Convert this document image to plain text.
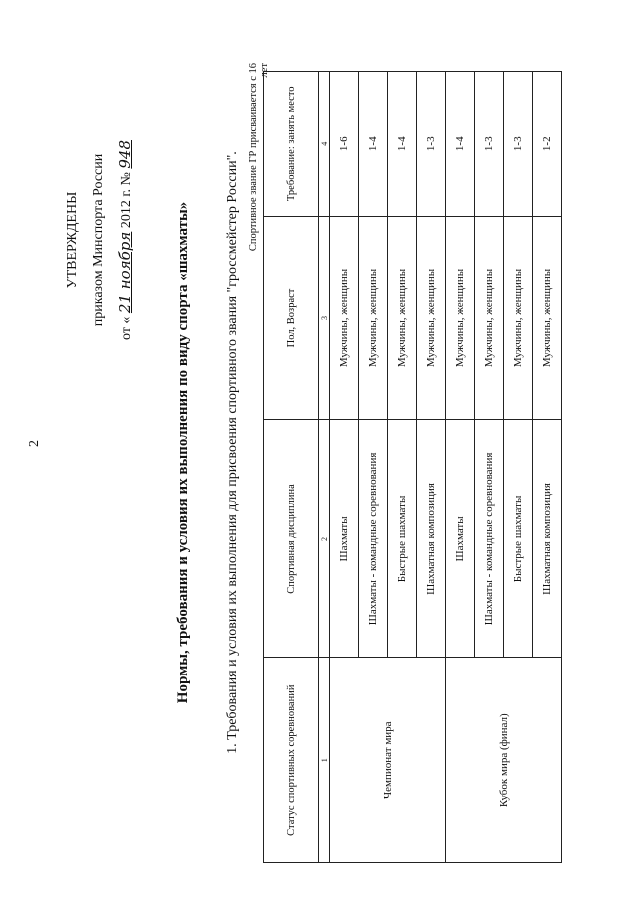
2
УТВЕРЖДЕНЫ приказом Минспорта России
от « 21 ноября 2012 г. № 948
Нормы, требования и условия их выполнения по виду спорта «шахматы» 1. Требования и условия их выполнения для присвоения спортивного звания "гроссмейстер России". Спортивное звание ГР присваивается с 16 лет
Статус спортивных соревнований	Спортивная дисциплина	Пол, Возраст	Требование: занять место
1	2	3	4
Чемпионат мира	Шахматы	Мужчины, женщины	1-6
	Шахматы - командные соревнования	Мужчины, женщины	1-4
	Быстрые шахматы	Мужчины, женщины	1-4
	Шахматная композиция	Мужчины, женщины	1-3
Кубок мира (финал)	Шахматы	Мужчины, женщины	1-4
	Шахматы - командные соревнования	Мужчины, женщины	1-3
	Быстрые шахматы	Мужчины, женщины	1-3
	Шахматная композиция	Мужчины, женщины	1-2
